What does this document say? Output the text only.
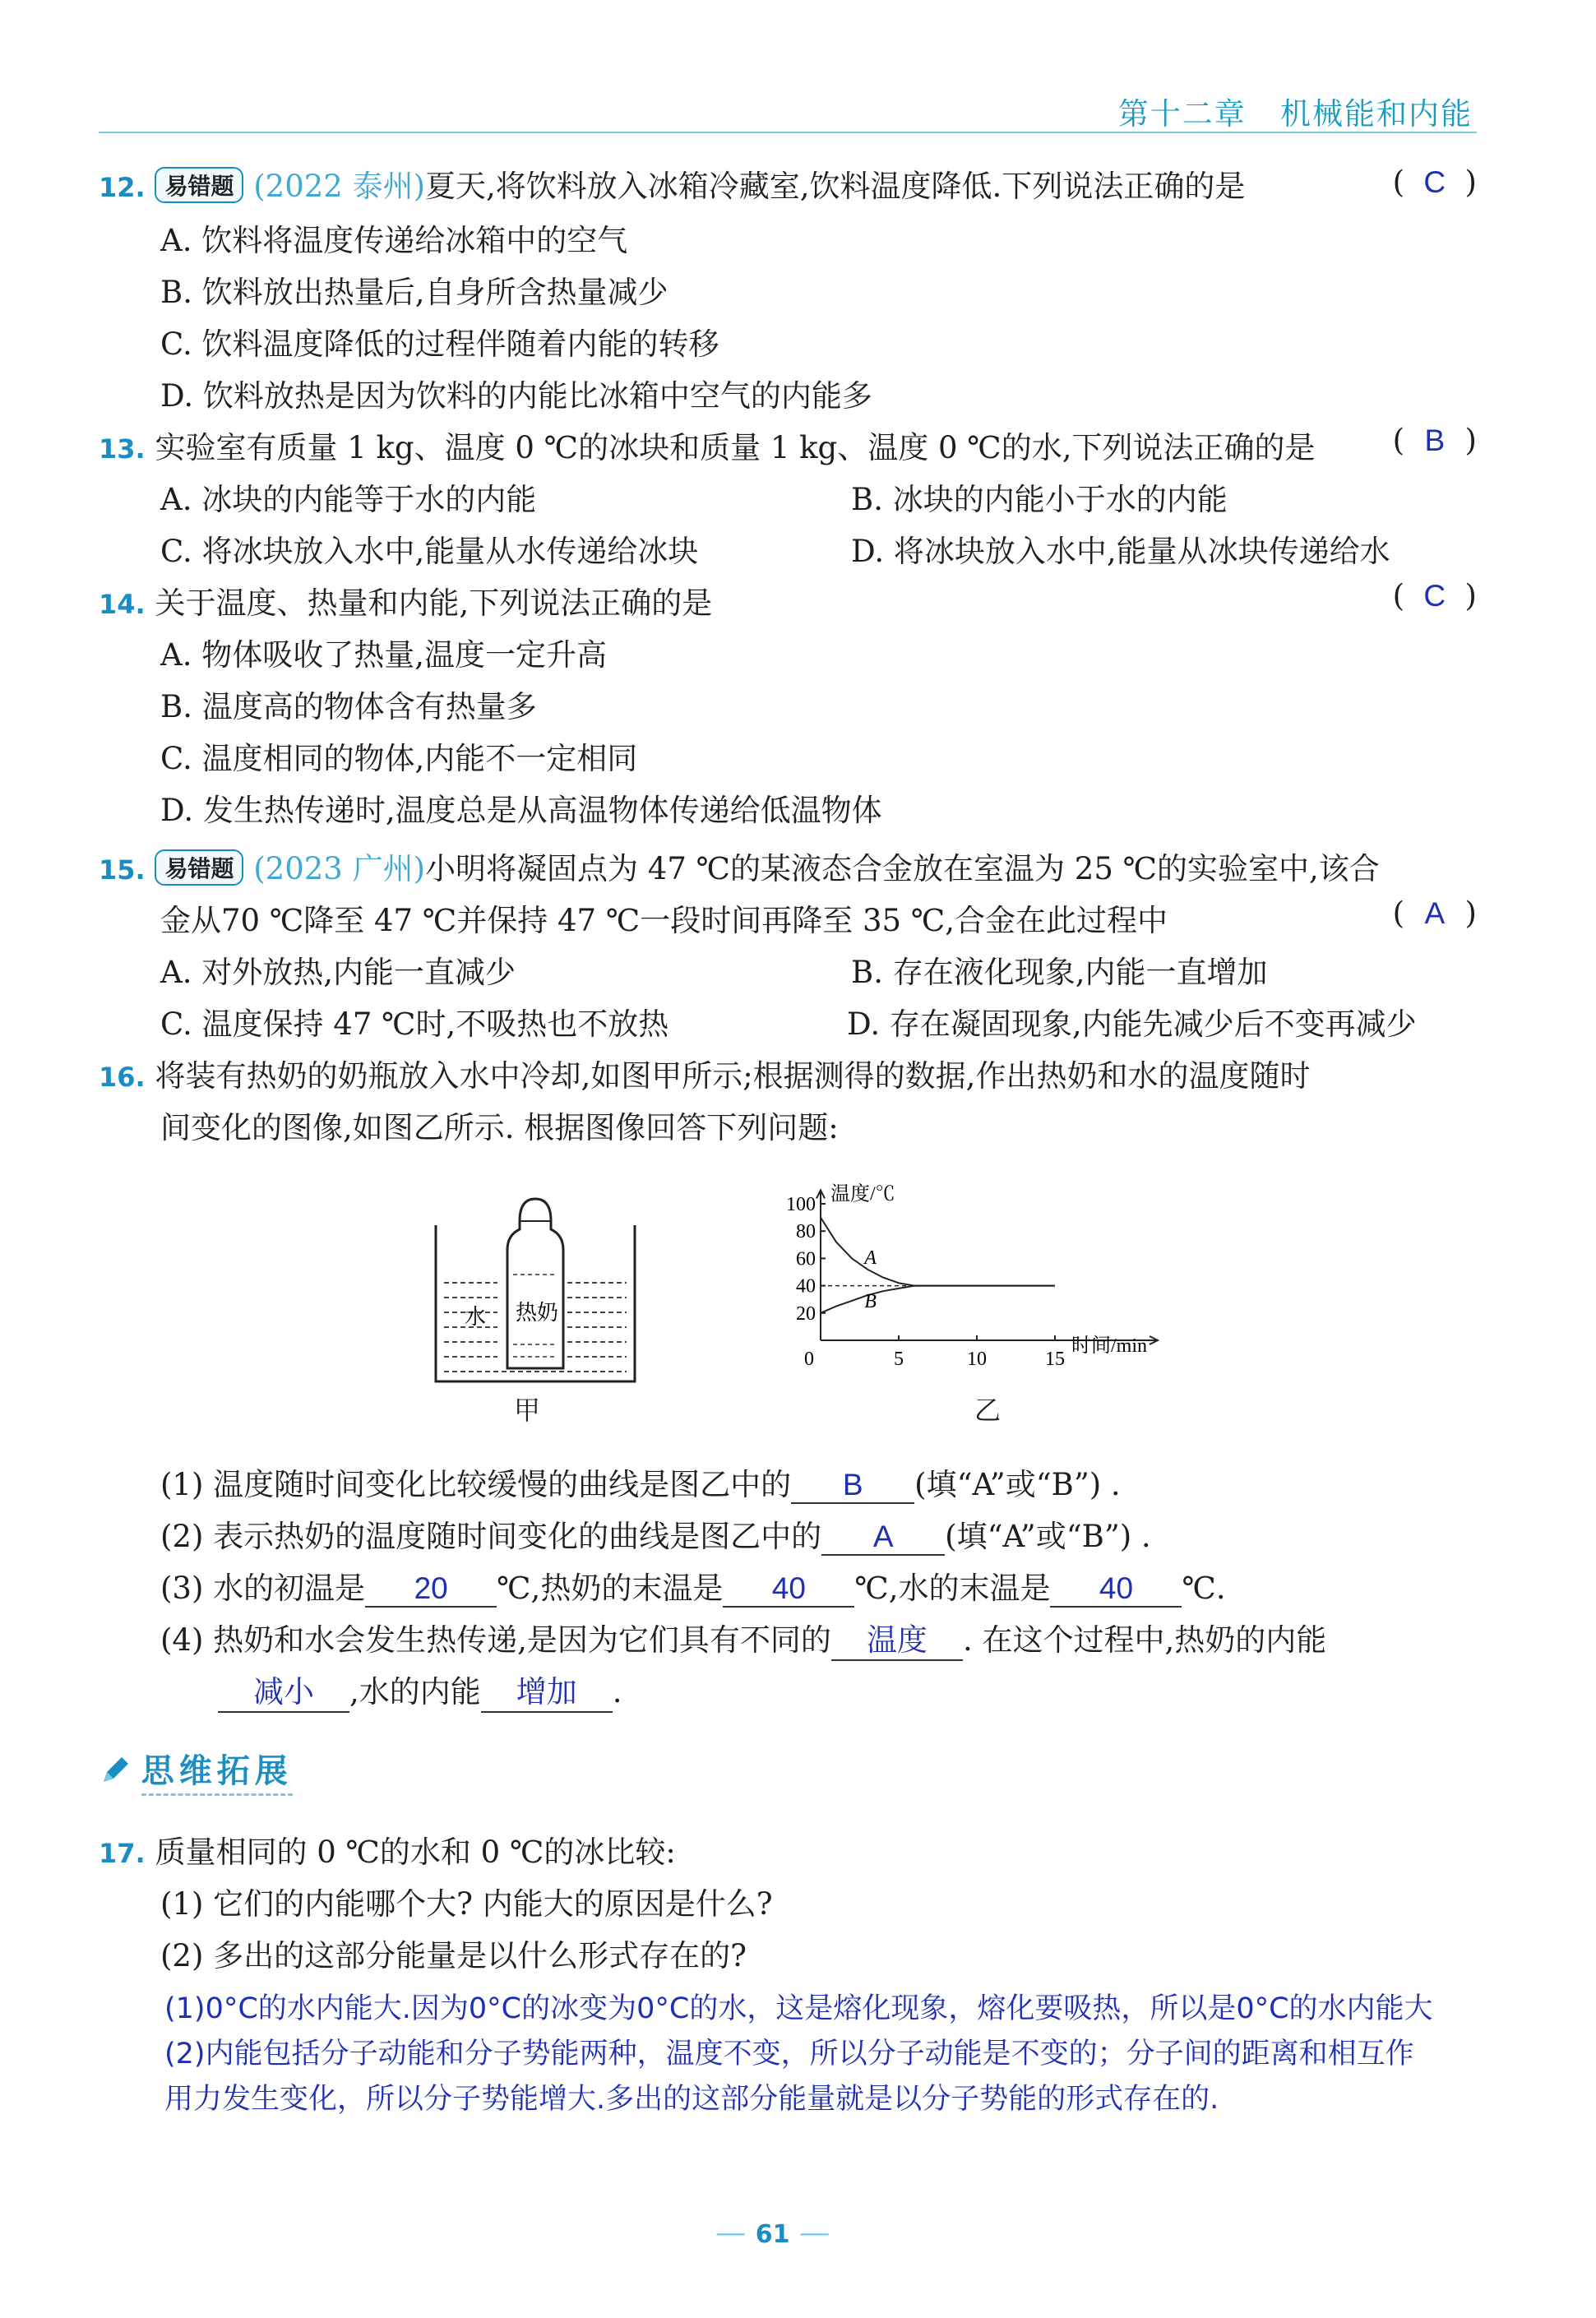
第十二章 机械能和内能
12. 易错题 (2022 泰州)夏天,将饮料放入冰箱冷藏室,饮料温度降低.下列说法正确的是	( C )
A. 饮料将温度传递给冰箱中的空气
B. 饮料放出热量后,自身所含热量减少
C. 饮料温度降低的过程伴随着内能的转移
D. 饮料放热是因为饮料的内能比冰箱中空气的内能多
13. 实验室有质量 1 kg、温度 0 ℃的冰块和质量 1 kg、温度 0 ℃的水,下列说法正确的是	( B )
A. 冰块的内能等于水的内能	B. 冰块的内能小于水的内能
C. 将冰块放入水中,能量从水传递给冰块	D. 将冰块放入水中,能量从冰块传递给水
14. 关于温度、热量和内能,下列说法正确的是	( C )
A. 物体吸收了热量,温度一定升高
B. 温度高的物体含有热量多
C. 温度相同的物体,内能不一定相同
D. 发生热传递时,温度总是从高温物体传递给低温物体
15. 易错题 (2023 广州)小明将凝固点为 47 ℃的某液态合金放在室温为 25 ℃的实验室中,该合
金从70 ℃降至 47 ℃并保持 47 ℃一段时间再降至 35 ℃,合金在此过程中	( A )
A. 对外放热,内能一直减少	B. 存在液化现象,内能一直增加
C. 温度保持 47 ℃时,不吸热也不放热	D. 存在凝固现象,内能先减少后不变再减少
16. 将装有热奶的奶瓶放入水中冷却,如图甲所示;根据测得的数据,作出热奶和水的温度随时
间变化的图像,如图乙所示. 根据图像回答下列问题:
水 热奶
甲
温度/℃
时间/min
20
40
60
80
100
0	5	10	15
A
B
乙
(1) 温度随时间变化比较缓慢的曲线是图乙中的 B (填“A”或“B”) .
(2) 表示热奶的温度随时间变化的曲线是图乙中的 A (填“A”或“B”) .
(3) 水的初温是 20 ℃,热奶的末温是 40 ℃,水的末温是 40 ℃.
(4) 热奶和水会发生热传递,是因为它们具有不同的 温度 . 在这个过程中,热奶的内能
减小 ,水的内能 增加 .
思维拓展
17. 质量相同的 0 ℃的水和 0 ℃的冰比较:
(1) 它们的内能哪个大? 内能大的原因是什么?
(2) 多出的这部分能量是以什么形式存在的?
(1)0°C的水内能大.因为0°C的冰变为0°C的水，这是熔化现象，熔化要吸热，所以是0°C的水内能大
(2)内能包括分子动能和分子势能两种，温度不变，所以分子动能是不变的；分子间的距离和相互作
用力发生变化，所以分子势能增大.多出的这部分能量就是以分子势能的形式存在的.
— 61 —
